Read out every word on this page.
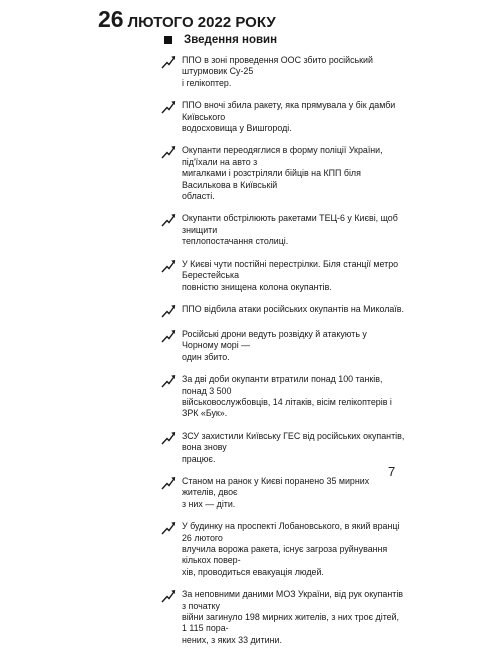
26 ЛЮТОГО 2022 РОКУ
Зведення новин
ППО в зоні проведення ООС збито російський штурмовик Су-25
і гелікоптер.
ППО вночі збила ракету, яка прямувала у бік дамби Київського
водосховища у Вишгороді.
Окупанти переодяглися в форму поліції України, під'їхали на авто з
мигалками і розстріляли бійців на КПП біля Василькова в Київській
області.
Окупанти обстрілюють ракетами ТЕЦ-6 у Києві, щоб знищити
теплопостачання столиці.
У Києві чути постійні перестрілки. Біля станції метро Берестейська
повністю знищена колона окупантів.
ППО відбила атаки російських окупантів на Миколаїв.
Російські дрони ведуть розвідку й атакують у Чорному морі —
один збито.
За дві доби окупанти втратили понад 100 танків, понад 3 500
військовослужбовців, 14 літаків, вісім гелікоптерів і ЗРК «Бук».
ЗСУ захистили Київську ГЕС від російських окупантів, вона знову
працює.
Станом на ранок у Києві поранено 35 мирних жителів, двоє
з них — діти.
У будинку на проспекті Лобановського, в який вранці 26 лютого
влучила ворожа ракета, існує загроза руйнування кількох повер-
хів, проводиться евакуація людей.
За неповними даними МОЗ України, від рук окупантів з початку
війни загинуло 198 мирних жителів, з них троє дітей, 1 115 пора-
нених, з яких 33 дитини.
7
